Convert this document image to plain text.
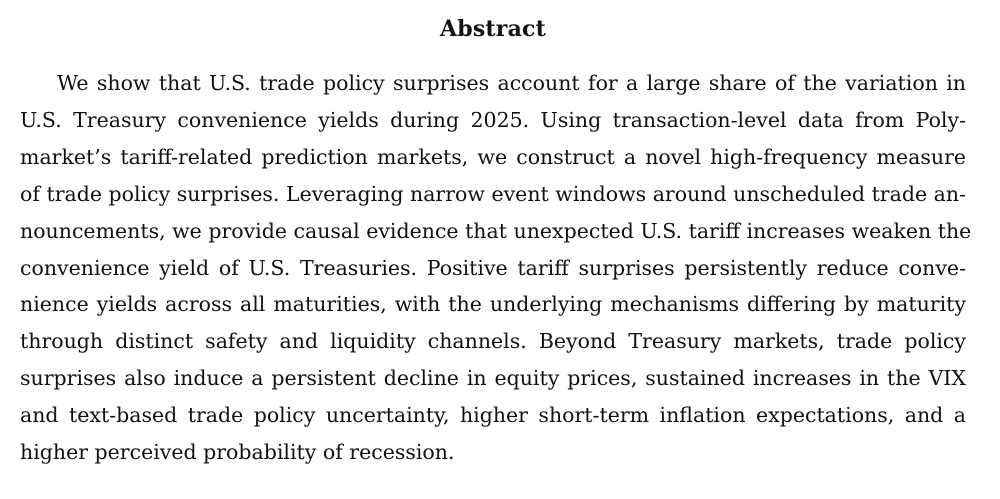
Abstract
We show that U.S. trade policy surprises account for a large share of the variation in
U.S. Treasury convenience yields during 2025. Using transaction-level data from Poly-
market’s tariff-related prediction markets, we construct a novel high-frequency measure
of trade policy surprises. Leveraging narrow event windows around unscheduled trade an-
nouncements, we provide causal evidence that unexpected U.S. tariff increases weaken the
convenience yield of U.S. Treasuries. Positive tariff surprises persistently reduce conve-
nience yields across all maturities, with the underlying mechanisms differing by maturity
through distinct safety and liquidity channels. Beyond Treasury markets, trade policy
surprises also induce a persistent decline in equity prices, sustained increases in the VIX
and text-based trade policy uncertainty, higher short-term inflation expectations, and a
higher perceived probability of recession.
